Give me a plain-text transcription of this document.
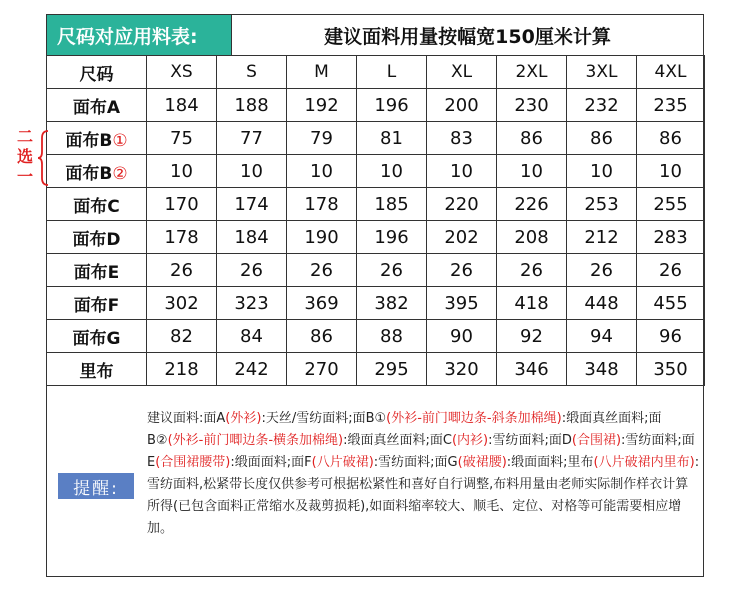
尺码对应用料表:	建议面料用量按幅宽150厘米计算
尺码	XS	S	M	L	XL	2XL	3XL	4XL
面布A	184	188	192	196	200	230	232	235
面布B①	75	77	79	81	83	86	86	86
面布B②	10	10	10	10	10	10	10	10
面布C	170	174	178	185	220	226	253	255
面布D	178	184	190	196	202	208	212	283
面布E	26	26	26	26	26	26	26	26
面布F	302	323	369	382	395	418	448	455
面布G	82	84	86	88	90	92	94	96
里布	218	242	270	295	320	346	348	350
二
选
一
提醒:
建议面料:面A(外衫):天丝/雪纺面料;面B①(外衫-前门唧边条-斜条加棉绳):缎面真丝面料;面B②(外衫-前门唧边条-横条加棉绳):缎面真丝面料;面C(内衫):雪纺面料;面D(合围裙):雪纺面料;面E(合围裙腰带):缎面面料;面F(八片破裙):雪纺面料;面G(破裙腰):缎面面料;里布(八片破裙内里布):雪纺面料,松紧带长度仅供参考可根据松紧性和喜好自行调整,布料用量由老师实际制作样衣计算所得(已包含面料正常缩水及裁剪损耗),如面料缩率较大、顺毛、定位、对格等可能需要相应增加。
